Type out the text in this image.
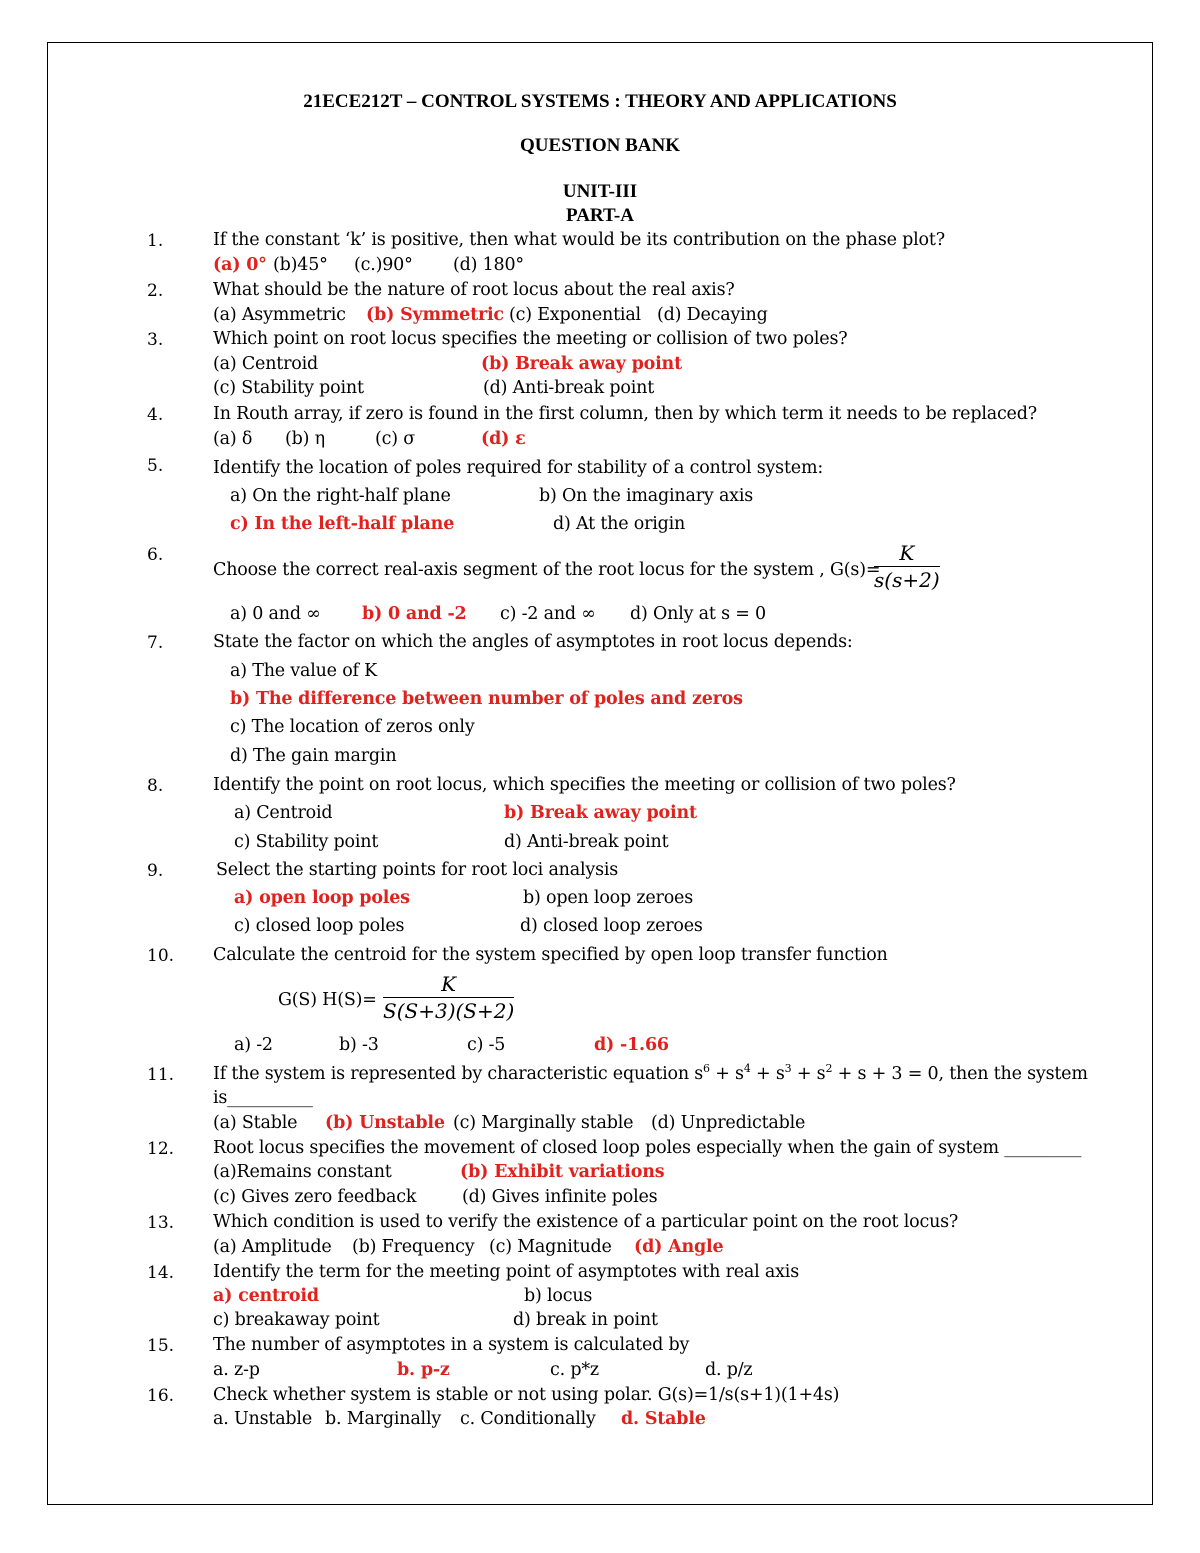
21ECE212T – CONTROL SYSTEMS : THEORY AND APPLICATIONS
QUESTION BANK
UNIT-III
PART-A
1.	If the constant ‘k’ is positive, then what would be its contribution on the phase plot?
(a) 0° (b)45° (c.)90° (d) 180°
2.	What should be the nature of root locus about the real axis?
(a) Asymmetric (b) Symmetric (c) Exponential (d) Decaying
3.	Which point on root locus specifies the meeting or collision of two poles?
(a) Centroid	(b) Break away point
(c) Stability point	(d) Anti-break point
4.	In Routh array, if zero is found in the first column, then by which term it needs to be replaced?
(a) δ (b) η	(c) σ	(d) ε
5.	Identify the location of poles required for stability of a control system:
a) On the right-half plane	b) On the imaginary axis
c) In the left-half plane	d) At the origin
6.
Choose the correct real-axis segment of the root locus for the system , G(s)=
$\frac{K}{s(s+2)}$
a) 0 and ∞ b) 0 and -2 c) -2 and ∞ d) Only at s = 0
7.	State the factor on which the angles of asymptotes in root locus depends:
a) The value of K
b) The difference between number of poles and zeros
c) The location of zeros only
d) The gain margin
8.	Identify the point on root locus, which specifies the meeting or collision of two poles?
a) Centroid	b) Break away point
c) Stability point	d) Anti-break point
9.	Select the starting points for root loci analysis
a) open loop poles	b) open loop zeroes
c) closed loop poles	d) closed loop zeroes
10. Calculate the centroid for the system specified by open loop transfer function
G(S) $H(S)= \frac{K}{S(S+3)(S+2)}$
a) -2	b) -3	c) -5	d) -1.66
11. If the system is represented by characteristic equation $s^6 + s^4 + s^3 + s^2 + s + 3 = 0$, then the system
is__________
(a) Stable (b) Unstable (c) Marginally stable (d) Unpredictable
12. Root locus specifies the movement of closed loop poles especially when the gain of system _________
(a)Remains constant	(b) Exhibit variations
(c) Gives zero feedback	(d) Gives infinite poles
13. Which condition is used to verify the existence of a particular point on the root locus?
(a) Amplitude (b) Frequency (c) Magnitude (d) Angle
14. Identify the term for the meeting point of asymptotes with real axis
a) centroid	b) locus
c) breakaway point	d) break in point
15. The number of asymptotes in a system is calculated by
a. z-p	b. p-z	c. p*z	d. p/z
16. Check whether system is stable or not using polar. G(s)=1/s(s+1)(1+4s)
a. Unstable b. Marginally c. Conditionally d. Stable
